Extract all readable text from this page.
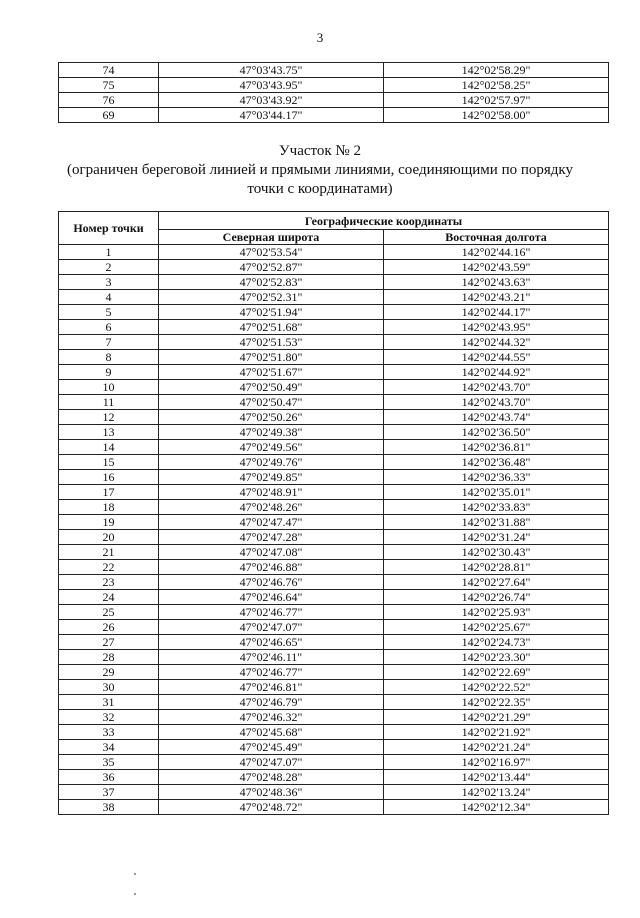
3
74	47°03'43.75"	142°02'58.29"
75	47°03'43.95"	142°02'58.25"
76	47°03'43.92"	142°02'57.97"
69	47°03'44.17"	142°02'58.00"
Участок № 2
(ограничен береговой линией и прямыми линиями, соединяющими по порядку
точки с координатами)
Номер точки	Географические координаты	
	Северная широта	Восточная долгота
1	47°02'53.54"	142°02'44.16"
2	47°02'52.87"	142°02'43.59"
3	47°02'52.83"	142°02'43.63"
4	47°02'52.31"	142°02'43.21"
5	47°02'51.94"	142°02'44.17"
6	47°02'51.68"	142°02'43.95"
7	47°02'51.53"	142°02'44.32"
8	47°02'51.80"	142°02'44.55"
9	47°02'51.67"	142°02'44.92"
10	47°02'50.49"	142°02'43.70"
11	47°02'50.47"	142°02'43.70"
12	47°02'50.26"	142°02'43.74"
13	47°02'49.38"	142°02'36.50"
14	47°02'49.56"	142°02'36.81"
15	47°02'49.76"	142°02'36.48"
16	47°02'49.85"	142°02'36.33"
17	47°02'48.91"	142°02'35.01"
18	47°02'48.26"	142°02'33.83"
19	47°02'47.47"	142°02'31.88"
20	47°02'47.28"	142°02'31.24"
21	47°02'47.08"	142°02'30.43"
22	47°02'46.88"	142°02'28.81"
23	47°02'46.76"	142°02'27.64"
24	47°02'46.64"	142°02'26.74"
25	47°02'46.77"	142°02'25.93"
26	47°02'47.07"	142°02'25.67"
27	47°02'46.65"	142°02'24.73"
28	47°02'46.11"	142°02'23.30"
29	47°02'46.77"	142°02'22.69"
30	47°02'46.81"	142°02'22.52"
31	47°02'46.79"	142°02'22.35"
32	47°02'46.32"	142°02'21.29"
33	47°02'45.68"	142°02'21.92"
34	47°02'45.49"	142°02'21.24"
35	47°02'47.07"	142°02'16.97"
36	47°02'48.28"	142°02'13.44"
37	47°02'48.36"	142°02'13.24"
38	47°02'48.72"	142°02'12.34"
